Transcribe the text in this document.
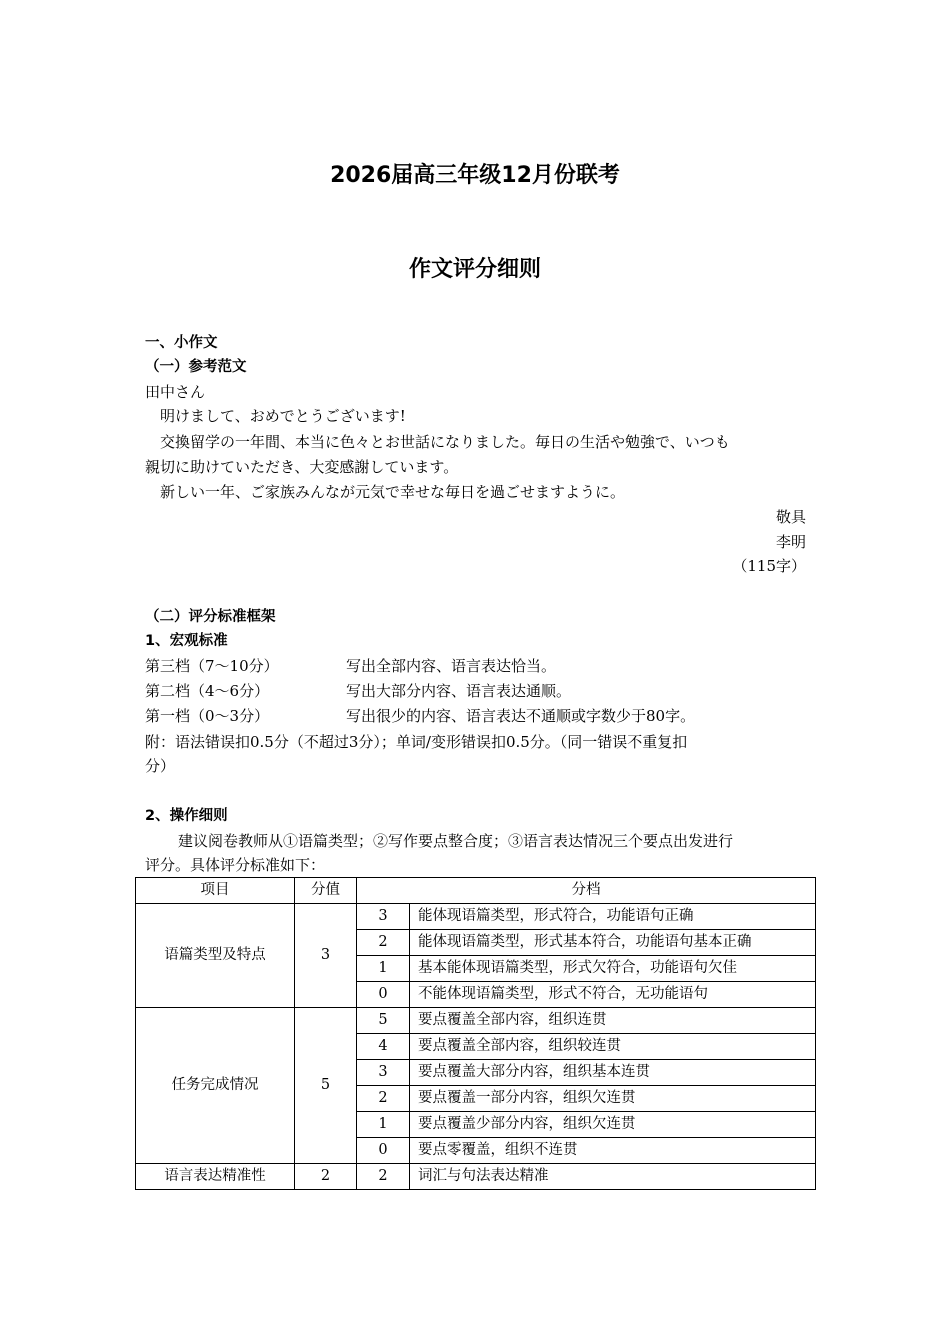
2026届高三年级12月份联考
作文评分细则
一、小作文
（一）参考范文
田中さん
明けまして、おめでとうございます!
交換留学の一年間、本当に色々とお世話になりました。毎日の生活や勉強で、いつも
親切に助けていただき、大変感謝しています。
新しい一年、ご家族みんなが元気で幸せな毎日を過ごせますように。
敬具
李明
（115字）
（二）评分标准框架
1、宏观标准
第三档（7～10分）	写出全部内容、语言表达恰当。
第二档（4～6分）	写出大部分内容、语言表达通顺。
第一档（0～3分）	写出很少的内容、语言表达不通顺或字数少于80字。
附：语法错误扣0.5分（不超过3分）；单词/变形错误扣0.5分。（同一错误不重复扣
分）
2、操作细则
建议阅卷教师从①语篇类型；②写作要点整合度；③语言表达情况三个要点出发进行
评分。具体评分标准如下：
项目	分值	分档	
语篇类型及特点	3	3	能体现语篇类型，形式符合，功能语句正确
		2	能体现语篇类型，形式基本符合，功能语句基本正确
		1	基本能体现语篇类型，形式欠符合，功能语句欠佳
		0	不能体现语篇类型，形式不符合，无功能语句
任务完成情况	5	5	要点覆盖全部内容，组织连贯
		4	要点覆盖全部内容，组织较连贯
		3	要点覆盖大部分内容，组织基本连贯
		2	要点覆盖一部分内容，组织欠连贯
		1	要点覆盖少部分内容，组织欠连贯
		0	要点零覆盖，组织不连贯
语言表达精准性	2	2	词汇与句法表达精准
